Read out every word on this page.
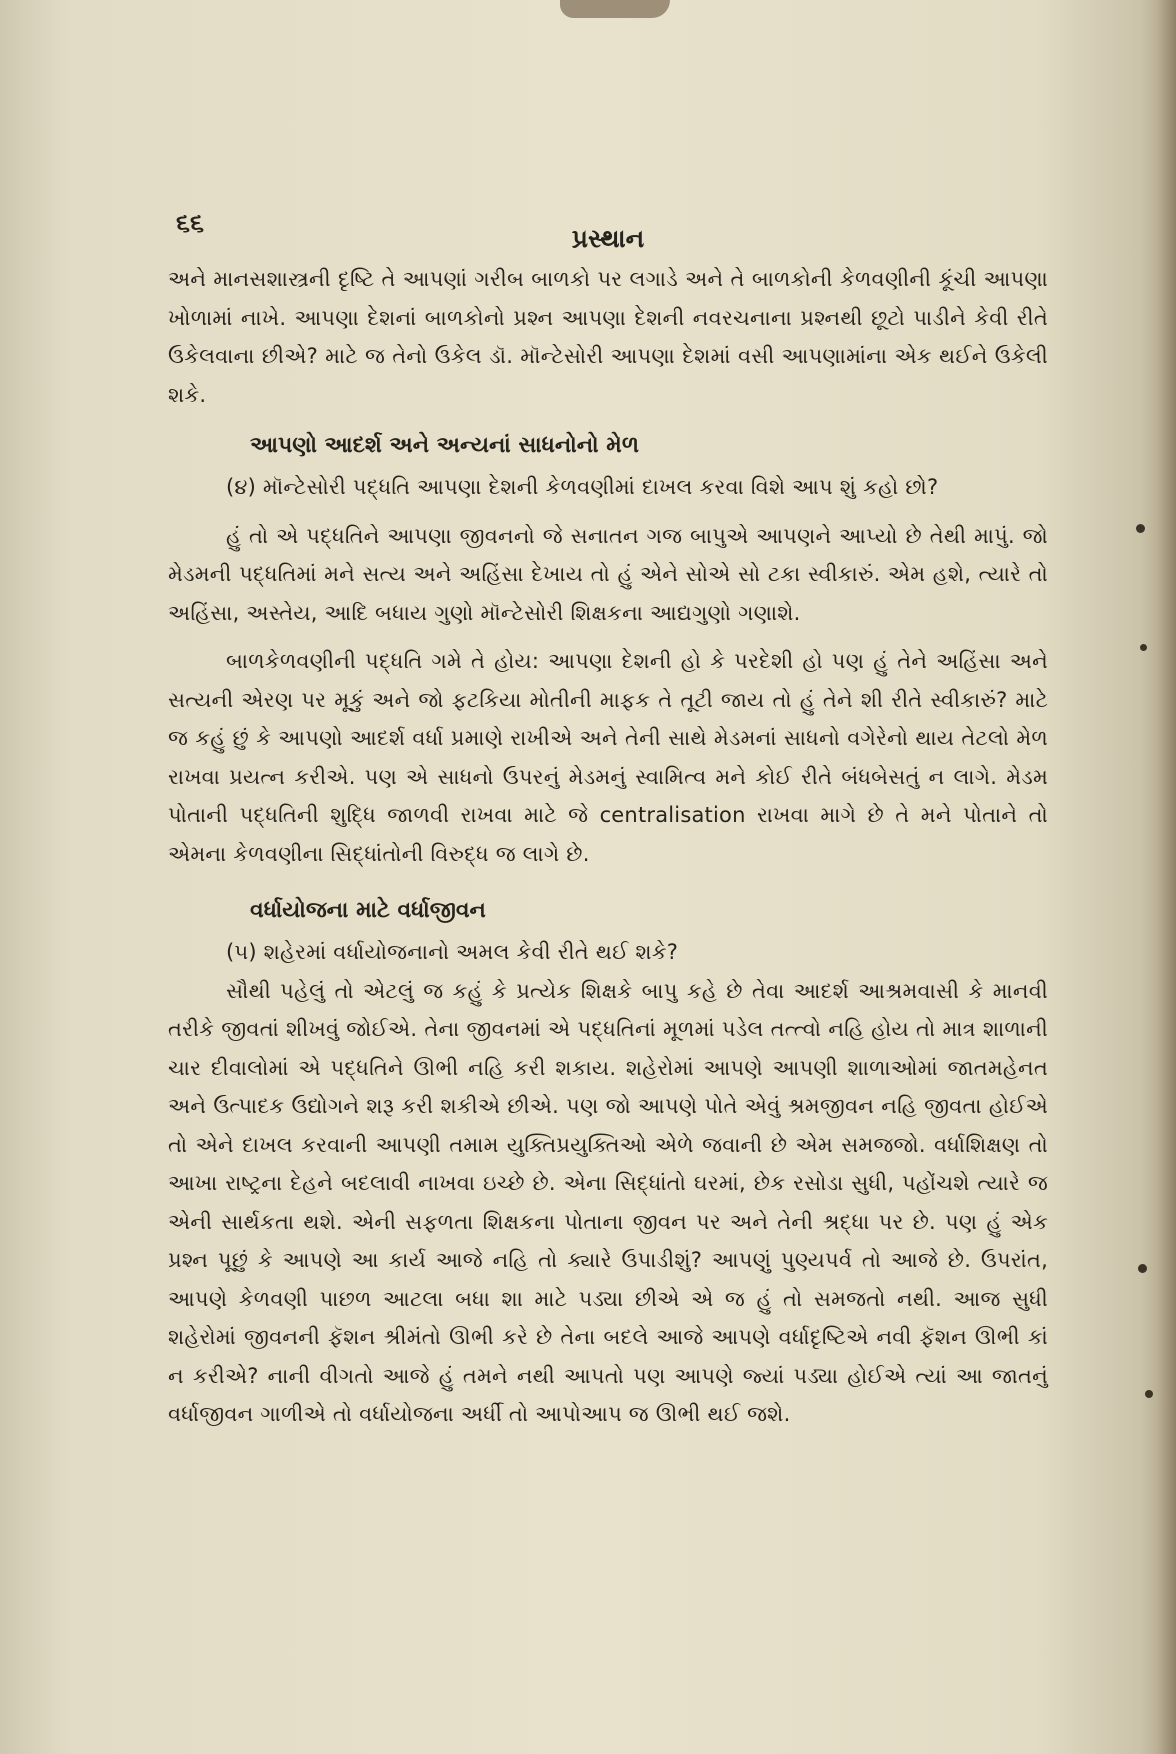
૬૬
પ્રસ્થાન

અને માનસશાસ્ત્રની દૃષ્ટિ તે આપણાં ગરીબ બાળકો પર લગાડે અને તે બાળકોની કેળવણીની કૂંચી આપણા ખોળામાં નાખે. આપણા દેશનાં બાળકોનો પ્રશ્ન આપણા દેશની નવરચનાના પ્રશ્નથી છૂટો પાડીને કેવી રીતે ઉકેલવાના છીએ? માટે જ તેનો ઉકેલ ડૉ. મૉન્ટેસોરી આપણા દેશમાં વસી આપણામાંના એક થઈને ઉકેલી શકે.

આપણો આદર્શ અને અન્યનાં સાધનોનો મેળ

(૪) મૉન્ટેસોરી પદ્ધતિ આપણા દેશની કેળવણીમાં દાખલ કરવા વિશે આપ શું કહો છો?

હું તો એ પદ્ધતિને આપણા જીવનનો જે સનાતન ગજ બાપુએ આપણને આપ્યો છે તેથી માપું. જો મેડમની પદ્ધતિમાં મને સત્ય અને અહિંસા દેખાય તો હું એને સોએ સો ટકા સ્વીકારું. એમ હશે, ત્યારે તો અહિંસા, અસ્તેય, આદિ બધાય ગુણો મૉન્ટેસોરી શિક્ષકના આદ્યગુણો ગણાશે.

બાળકેળવણીની પદ્ધતિ ગમે તે હોય: આપણા દેશની હો કે પરદેશી હો પણ હું તેને અહિંસા અને સત્યની એરણ પર મૂકું અને જો ફટકિયા મોતીની માફક તે તૂટી જાય તો હું તેને શી રીતે સ્વીકારું? માટે જ કહું છું કે આપણો આદર્શ વર્ધા પ્રમાણે રાખીએ અને તેની સાથે મેડમનાં સાધનો વગેરેનો થાય તેટલો મેળ રાખવા પ્રયત્ન કરીએ. પણ એ સાધનો ઉપરનું મેડમનું સ્વામિત્વ મને કોઈ રીતે બંધબેસતું ન લાગે. મેડમ પોતાની પદ્ધતિની શુદ્ધિ જાળવી રાખવા માટે જે centralisation રાખવા માગે છે તે મને પોતાને તો એમના કેળવણીના સિદ્ધાંતોની વિરુદ્ધ જ લાગે છે.

વર્ધાયોજના માટે વર્ધાજીવન

(૫) શહેરમાં વર્ધાયોજનાનો અમલ કેવી રીતે થઈ શકે?

સૌથી પહેલું તો એટલું જ કહું કે પ્રત્યેક શિક્ષકે બાપુ કહે છે તેવા આદર્શ આશ્રમવાસી કે માનવી તરીકે જીવતાં શીખવું જોઈએ. તેના જીવનમાં એ પદ્ધતિનાં મૂળમાં પડેલ તત્ત્વો નહિ હોય તો માત્ર શાળાની ચાર દીવાલોમાં એ પદ્ધતિને ઊભી નહિ કરી શકાય. શહેરોમાં આપણે આપણી શાળાઓમાં જાતમહેનત અને ઉત્પાદક ઉદ્યોગને શરૂ કરી શકીએ છીએ. પણ જો આપણે પોતે એવું શ્રમજીવન નહિ જીવતા હોઈએ તો એને દાખલ કરવાની આપણી તમામ યુક્તિપ્રયુક્તિઓ એળે જવાની છે એમ સમજજો. વર્ધાશિક્ષણ તો આખા રાષ્ટ્રના દેહને બદલાવી નાખવા ઇચ્છે છે. એના સિદ્ધાંતો ઘરમાં, છેક રસોડા સુધી, પહોંચશે ત્યારે જ એની સાર્થકતા થશે. એની સફળતા શિક્ષકના પોતાના જીવન પર અને તેની શ્રદ્ધા પર છે. પણ હું એક પ્રશ્ન પૂછું કે આપણે આ કાર્ય આજે નહિ તો ક્યારે ઉપાડીશું? આપણું પુણ્યપર્વ તો આજે છે. ઉપરાંત, આપણે કેળવણી પાછળ આટલા બધા શા માટે પડ્યા છીએ એ જ હું તો સમજતો નથી. આજ સુધી શહેરોમાં જીવનની ફૅશન શ્રીમંતો ઊભી કરે છે તેના બદલે આજે આપણે વર્ધાદૃષ્ટિએ નવી ફૅશન ઊભી કાં ન કરીએ? નાની વીગતો આજે હું તમને નથી આપતો પણ આપણે જ્યાં પડ્યા હોઈએ ત્યાં આ જાતનું વર્ધાજીવન ગાળીએ તો વર્ધાયોજના અર્ધી તો આપોઆપ જ ઊભી થઈ જશે.
